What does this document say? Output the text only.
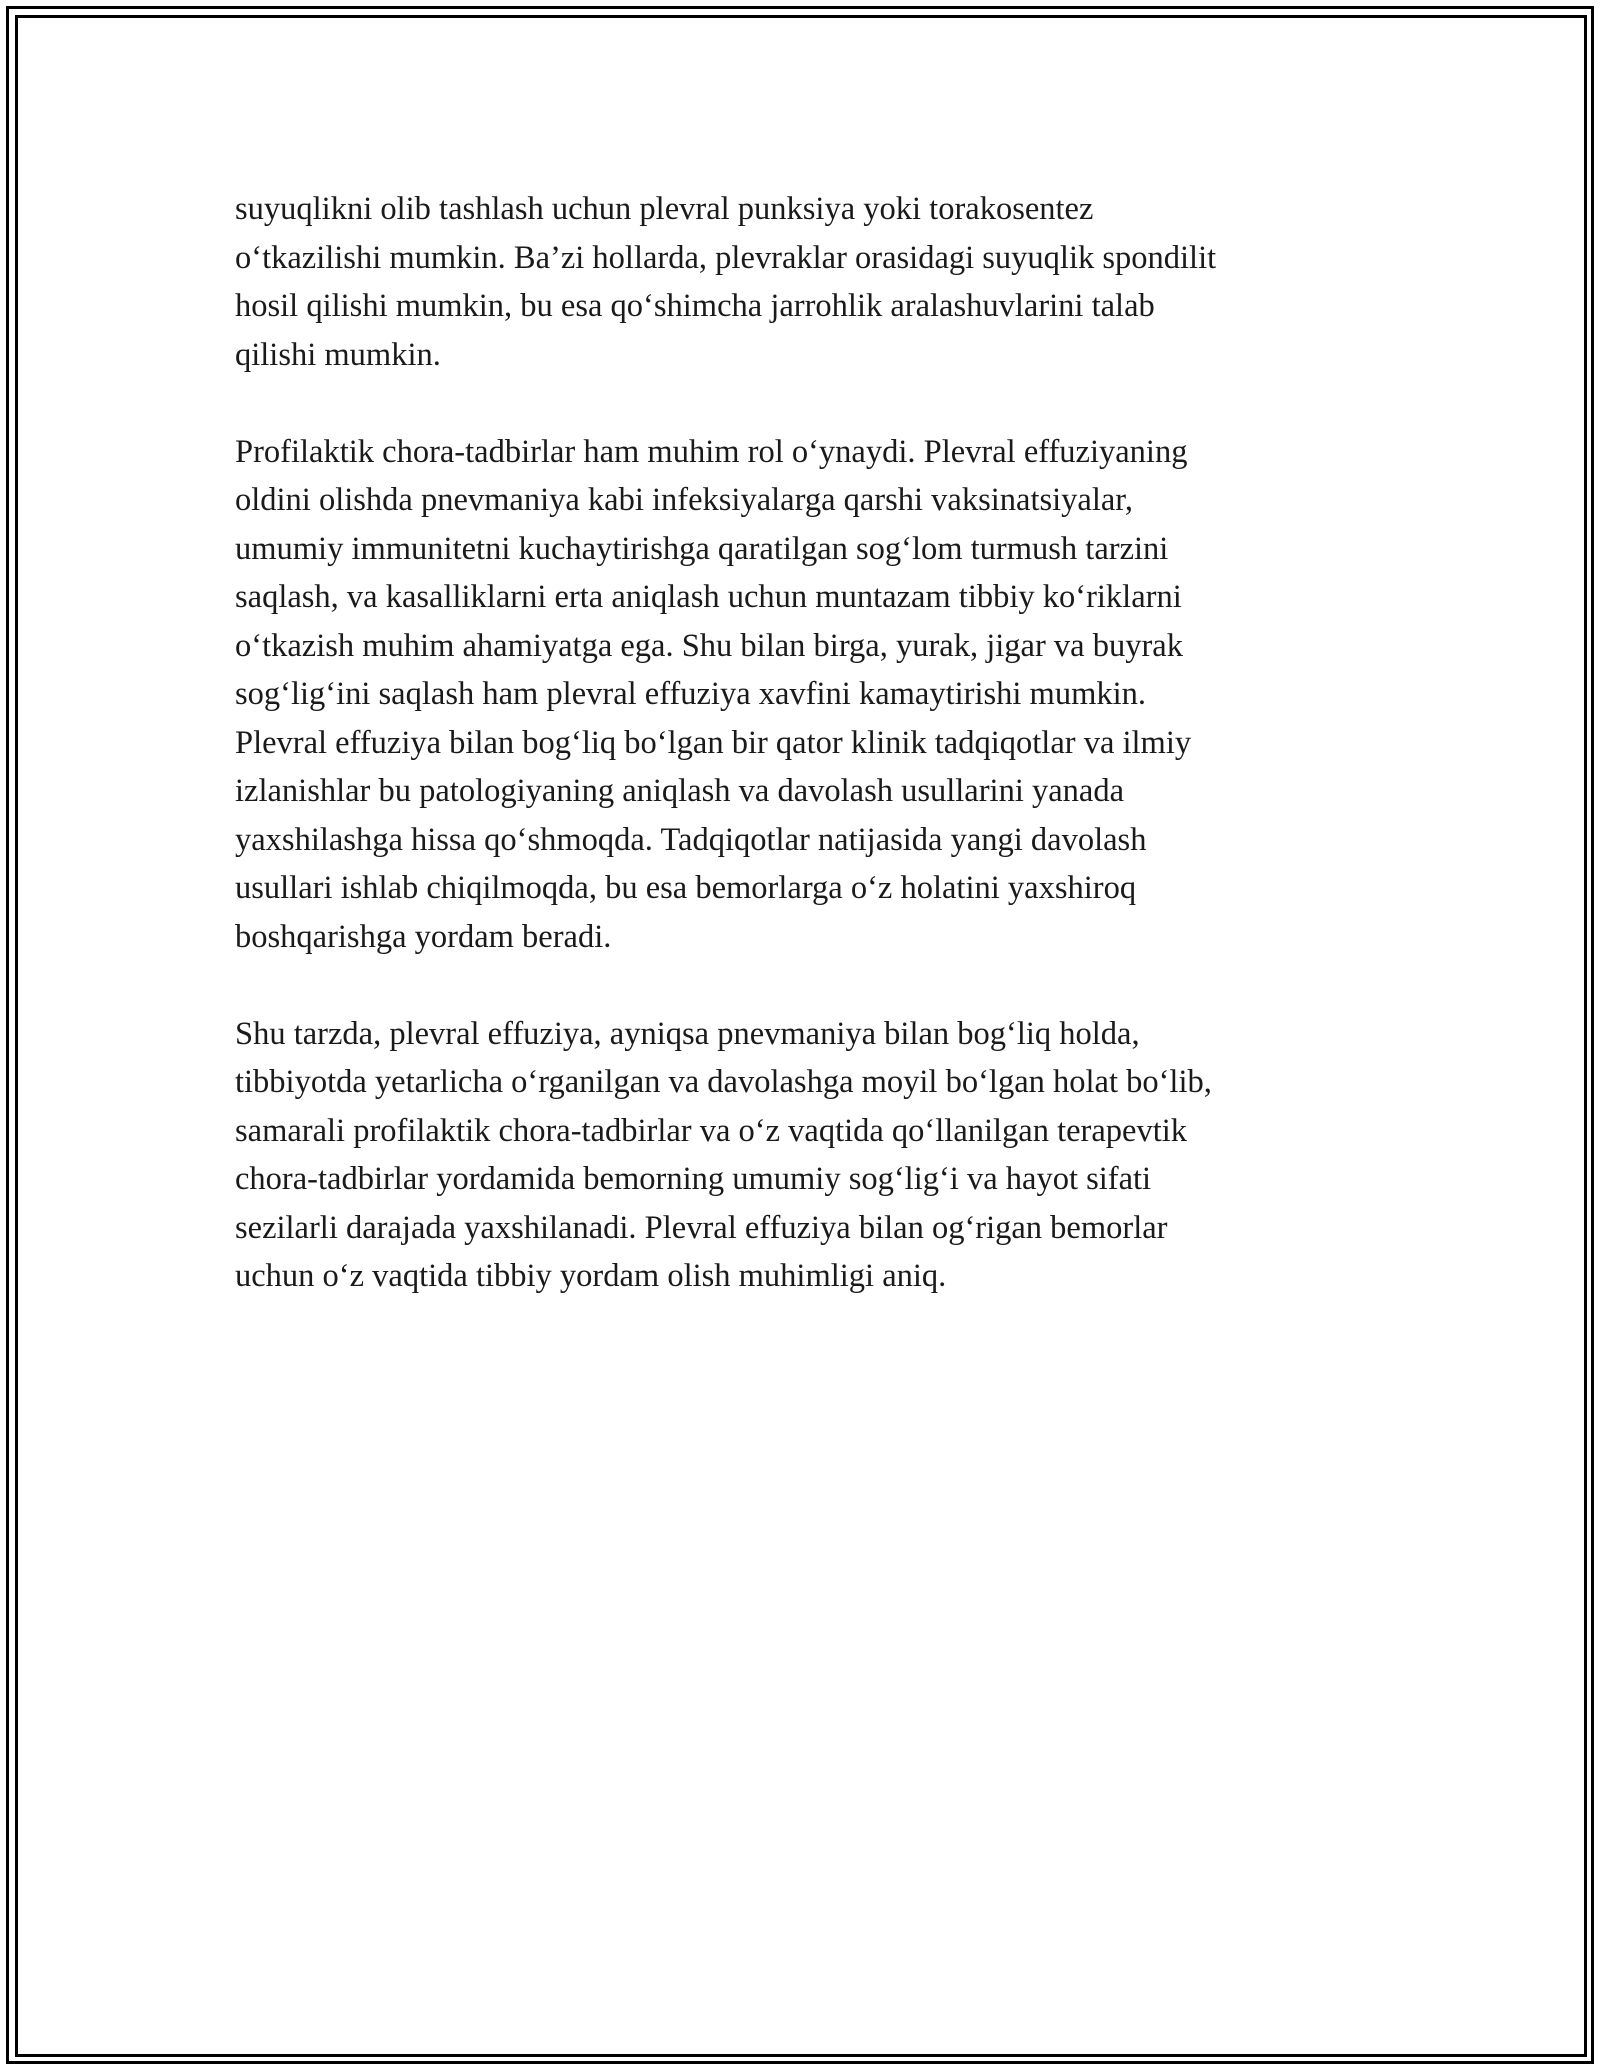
suyuqlikni olib tashlash uchun plevral punksiya yoki torakosentez
o‘tkazilishi mumkin. Ba’zi hollarda, plevraklar orasidagi suyuqlik spondilit
hosil qilishi mumkin, bu esa qo‘shimcha jarrohlik aralashuvlarini talab
qilishi mumkin.

Profilaktik chora-tadbirlar ham muhim rol o‘ynaydi. Plevral effuziyaning
oldini olishda pnevmaniya kabi infeksiyalarga qarshi vaksinatsiyalar,
umumiy immunitetni kuchaytirishga qaratilgan sog‘lom turmush tarzini
saqlash, va kasalliklarni erta aniqlash uchun muntazam tibbiy ko‘riklarni
o‘tkazish muhim ahamiyatga ega. Shu bilan birga, yurak, jigar va buyrak
sog‘lig‘ini saqlash ham plevral effuziya xavfini kamaytirishi mumkin.
Plevral effuziya bilan bog‘liq bo‘lgan bir qator klinik tadqiqotlar va ilmiy
izlanishlar bu patologiyaning aniqlash va davolash usullarini yanada
yaxshilashga hissa qo‘shmoqda. Tadqiqotlar natijasida yangi davolash
usullari ishlab chiqilmoqda, bu esa bemorlarga o‘z holatini yaxshiroq
boshqarishga yordam beradi.

Shu tarzda, plevral effuziya, ayniqsa pnevmaniya bilan bog‘liq holda,
tibbiyotda yetarlicha o‘rganilgan va davolashga moyil bo‘lgan holat bo‘lib,
samarali profilaktik chora-tadbirlar va o‘z vaqtida qo‘llanilgan terapevtik
chora-tadbirlar yordamida bemorning umumiy sog‘lig‘i va hayot sifati
sezilarli darajada yaxshilanadi. Plevral effuziya bilan og‘rigan bemorlar
uchun o‘z vaqtida tibbiy yordam olish muhimligi aniq.
